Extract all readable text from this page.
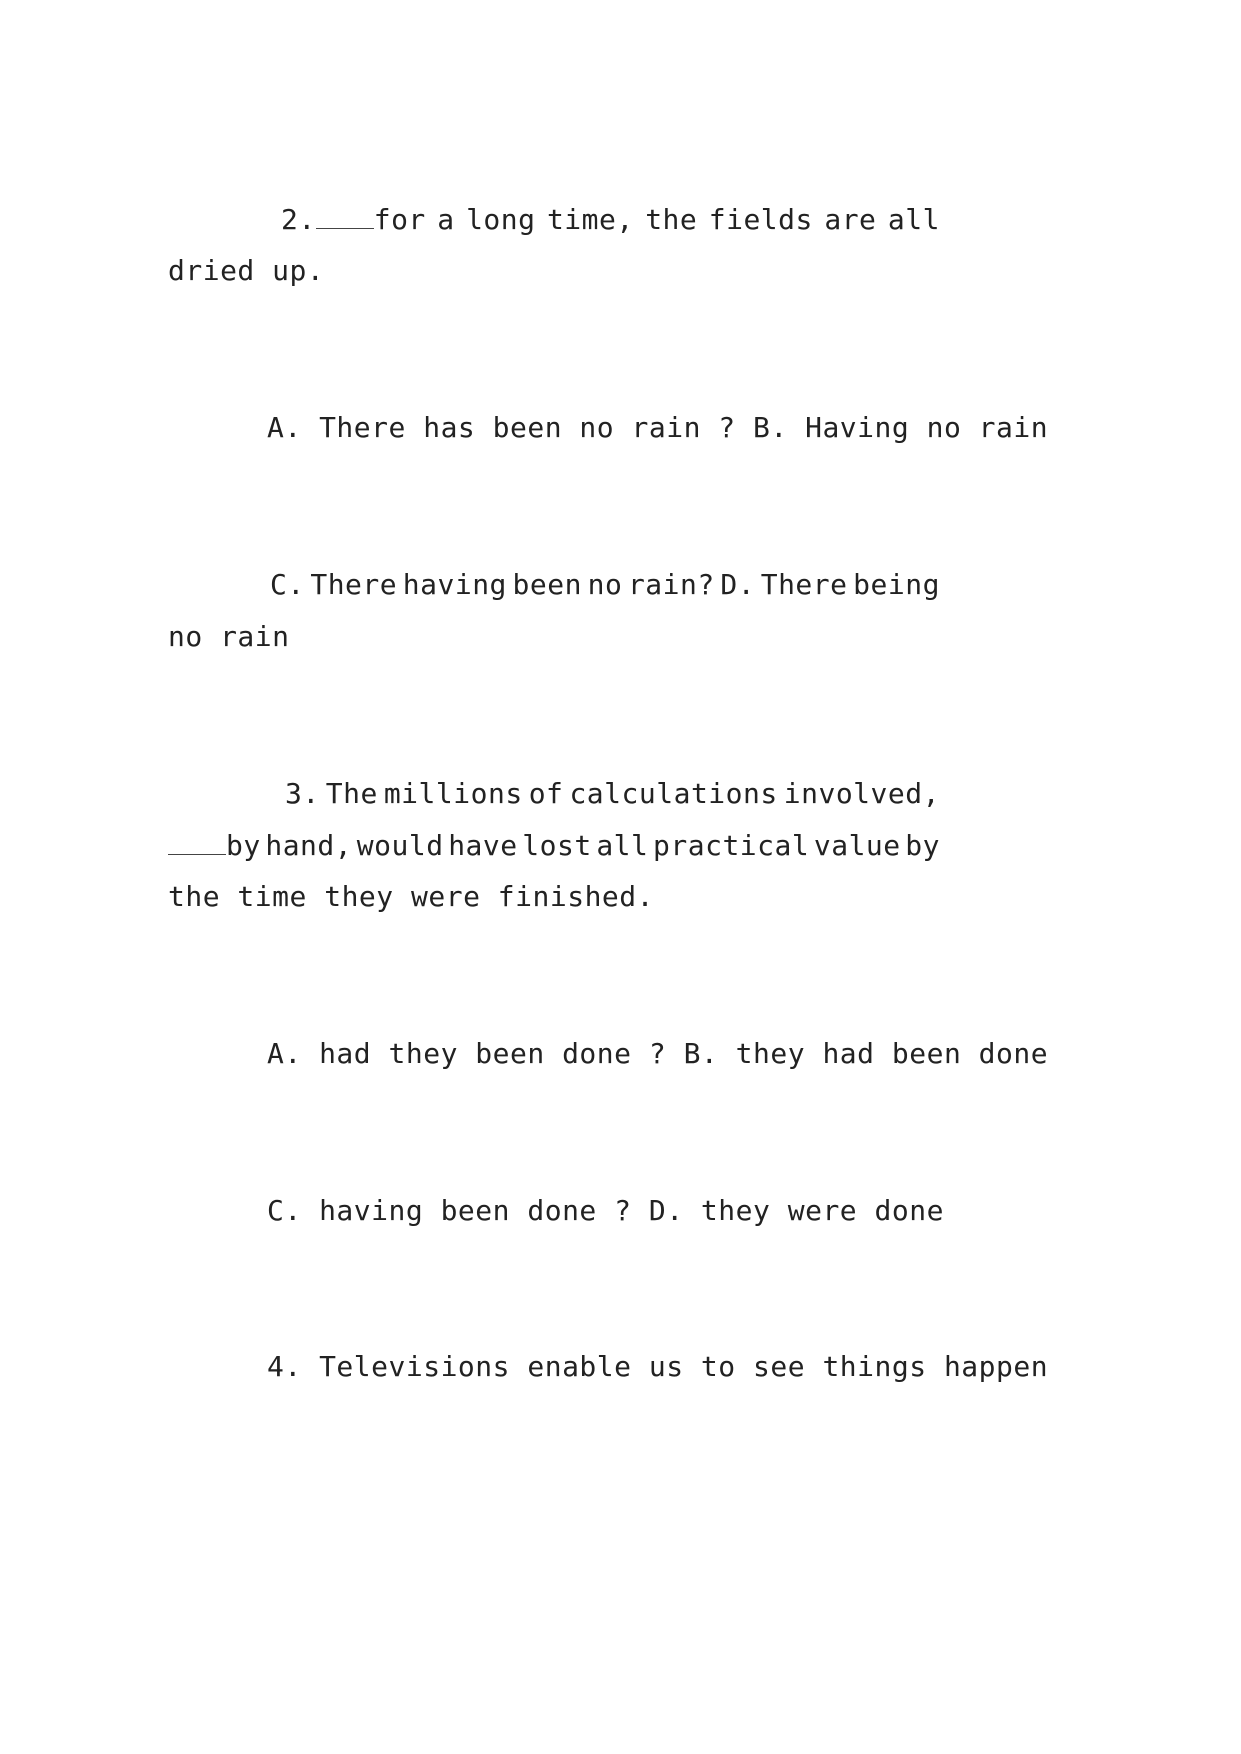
2. for a long time, the fields are all
dried up.
A. There has been no rain ? B. Having no rain
C. There having been no rain? D. There being
no rain
3. The millions of calculations involved,
by hand, would have lost all practical value by
the time they were finished.
A. had they been done ? B. they had been done
C. having been done ? D. they were done
4. Televisions enable us to see things happen
